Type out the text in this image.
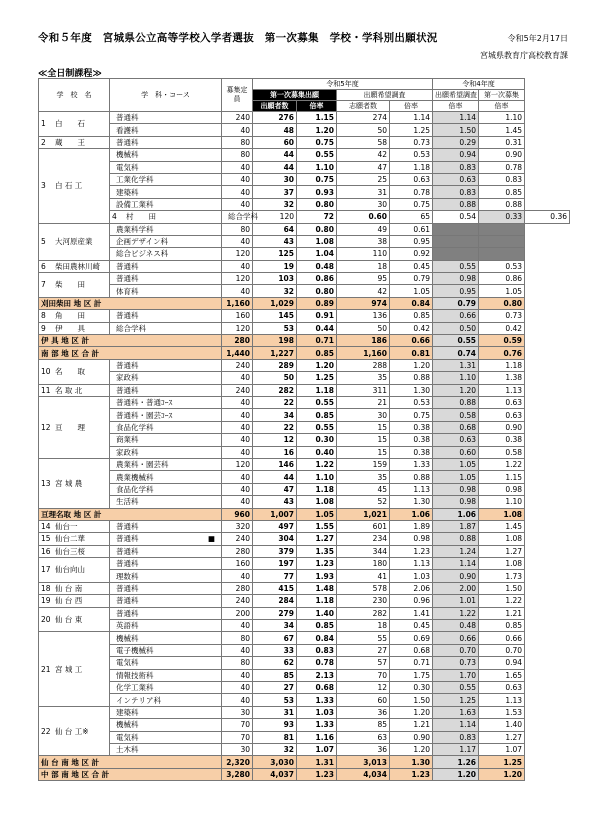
令和５年度　宮城県公立高等学校入学者選抜　第一次募集　学校・学科別出願状況	令和5年2月17日
宮城県教育庁高校教育課
≪全日制課程≫
学　校　名	学　科・コース	募集定員	令和5年度				令和4年度		
			第一次募集出願		出願希望調査		出願希望調査	第一次募集	
			出願者数	倍率	志願者数	倍率	倍率	倍率	
1 白　　石	普通科	240	276	1.15	274	1.14	1.14	1.10	
	看護科	40	48	1.20	50	1.25	1.50	1.45	
2 蔵　　王	普通科	80	60	0.75	58	0.73	0.29	0.31	
3 白 石 工	機械科	80	44	0.55	42	0.53	0.94	0.90	
	電気科	40	44	1.10	47	1.18	0.83	0.78	
	工業化学科	40	30	0.75	25	0.63	0.63	0.83	
	建築科	40	37	0.93	31	0.78	0.83	0.85	
	設備工業科	40	32	0.80	30	0.75	0.88	0.88	
	4 村　　田	総合学科	120	72	0.60	65	0.54	0.33	0.36
5 大河原産業	農業科学科	80	64	0.80	49	0.61			
	企画デザイン科	40	43	1.08	38	0.95			
	総合ビジネス科	120	125	1.04	110	0.92			
6 柴田農林川崎	普通科	40	19	0.48	18	0.45	0.55	0.53	
7 柴　　田	普通科	120	103	0.86	95	0.79	0.98	0.86	
	体育科	40	32	0.80	42	1.05	0.95	1.05	
刈田柴田 地 区 計		1,160	1,029	0.89	974	0.84	0.79	0.80	
8 角　　田	普通科	160	145	0.91	136	0.85	0.66	0.73	
9 伊　　具	総合学科	120	53	0.44	50	0.42	0.50	0.42	
伊 具 地 区 計		280	198	0.71	186	0.66	0.55	0.59	
南 部 地 区 合 計		1,440	1,227	0.85	1,160	0.81	0.74	0.76	
10 名　　取	普通科	240	289	1.20	288	1.20	1.31	1.18	
	家政科	40	50	1.25	35	0.88	1.10	1.38	
11 名 取 北	普通科	240	282	1.18	311	1.30	1.20	1.13	
12 亘　　理	普通科・普通ｺｰｽ	40	22	0.55	21	0.53	0.88	0.63	
	普通科・園芸ｺｰｽ	40	34	0.85	30	0.75	0.58	0.63	
	食品化学科	40	22	0.55	15	0.38	0.68	0.90	
	商業科	40	12	0.30	15	0.38	0.63	0.38	
	家政科	40	16	0.40	15	0.38	0.60	0.58	
13 宮 城 農	農業科・園芸科	120	146	1.22	159	1.33	1.05	1.22	
	農業機械科	40	44	1.10	35	0.88	1.05	1.15	
	食品化学科	40	47	1.18	45	1.13	0.98	0.98	
	生活科	40	43	1.08	52	1.30	0.98	1.10	
亘理名取 地 区 計		960	1,007	1.05	1,021	1.06	1.06	1.08	
14 仙台一	普通科	320	497	1.55	601	1.89	1.87	1.45	
15 仙台二華	普通科 ■	240	304	1.27	234	0.98	0.88	1.08	
16 仙台三桜	普通科	280	379	1.35	344	1.23	1.24	1.27	
17 仙台向山	普通科	160	197	1.23	180	1.13	1.14	1.08	
	理数科	40	77	1.93	41	1.03	0.90	1.73	
18 仙 台 南	普通科	280	415	1.48	578	2.06	2.00	1.50	
19 仙 台 西	普通科	240	284	1.18	230	0.96	1.01	1.22	
20 仙 台 東	普通科	200	279	1.40	282	1.41	1.22	1.21	
	英語科	40	34	0.85	18	0.45	0.48	0.85	
21 宮 城 工	機械科	80	67	0.84	55	0.69	0.66	0.66	
	電子機械科	40	33	0.83	27	0.68	0.70	0.70	
	電気科	80	62	0.78	57	0.71	0.73	0.94	
	情報技術科	40	85	2.13	70	1.75	1.70	1.65	
	化学工業科	40	27	0.68	12	0.30	0.55	0.63	
	インテリア科	40	53	1.33	60	1.50	1.25	1.13	
22 仙 台 工※	建築科	30	31	1.03	36	1.20	1.63	1.53	
	機械科	70	93	1.33	85	1.21	1.14	1.40	
	電気科	70	81	1.16	63	0.90	0.83	1.27	
	土木科	30	32	1.07	36	1.20	1.17	1.07	
仙 台 南 地 区 計		2,320	3,030	1.31	3,013	1.30	1.26	1.25	
中 部 南 地 区 合 計		3,280	4,037	1.23	4,034	1.23	1.20	1.20	
